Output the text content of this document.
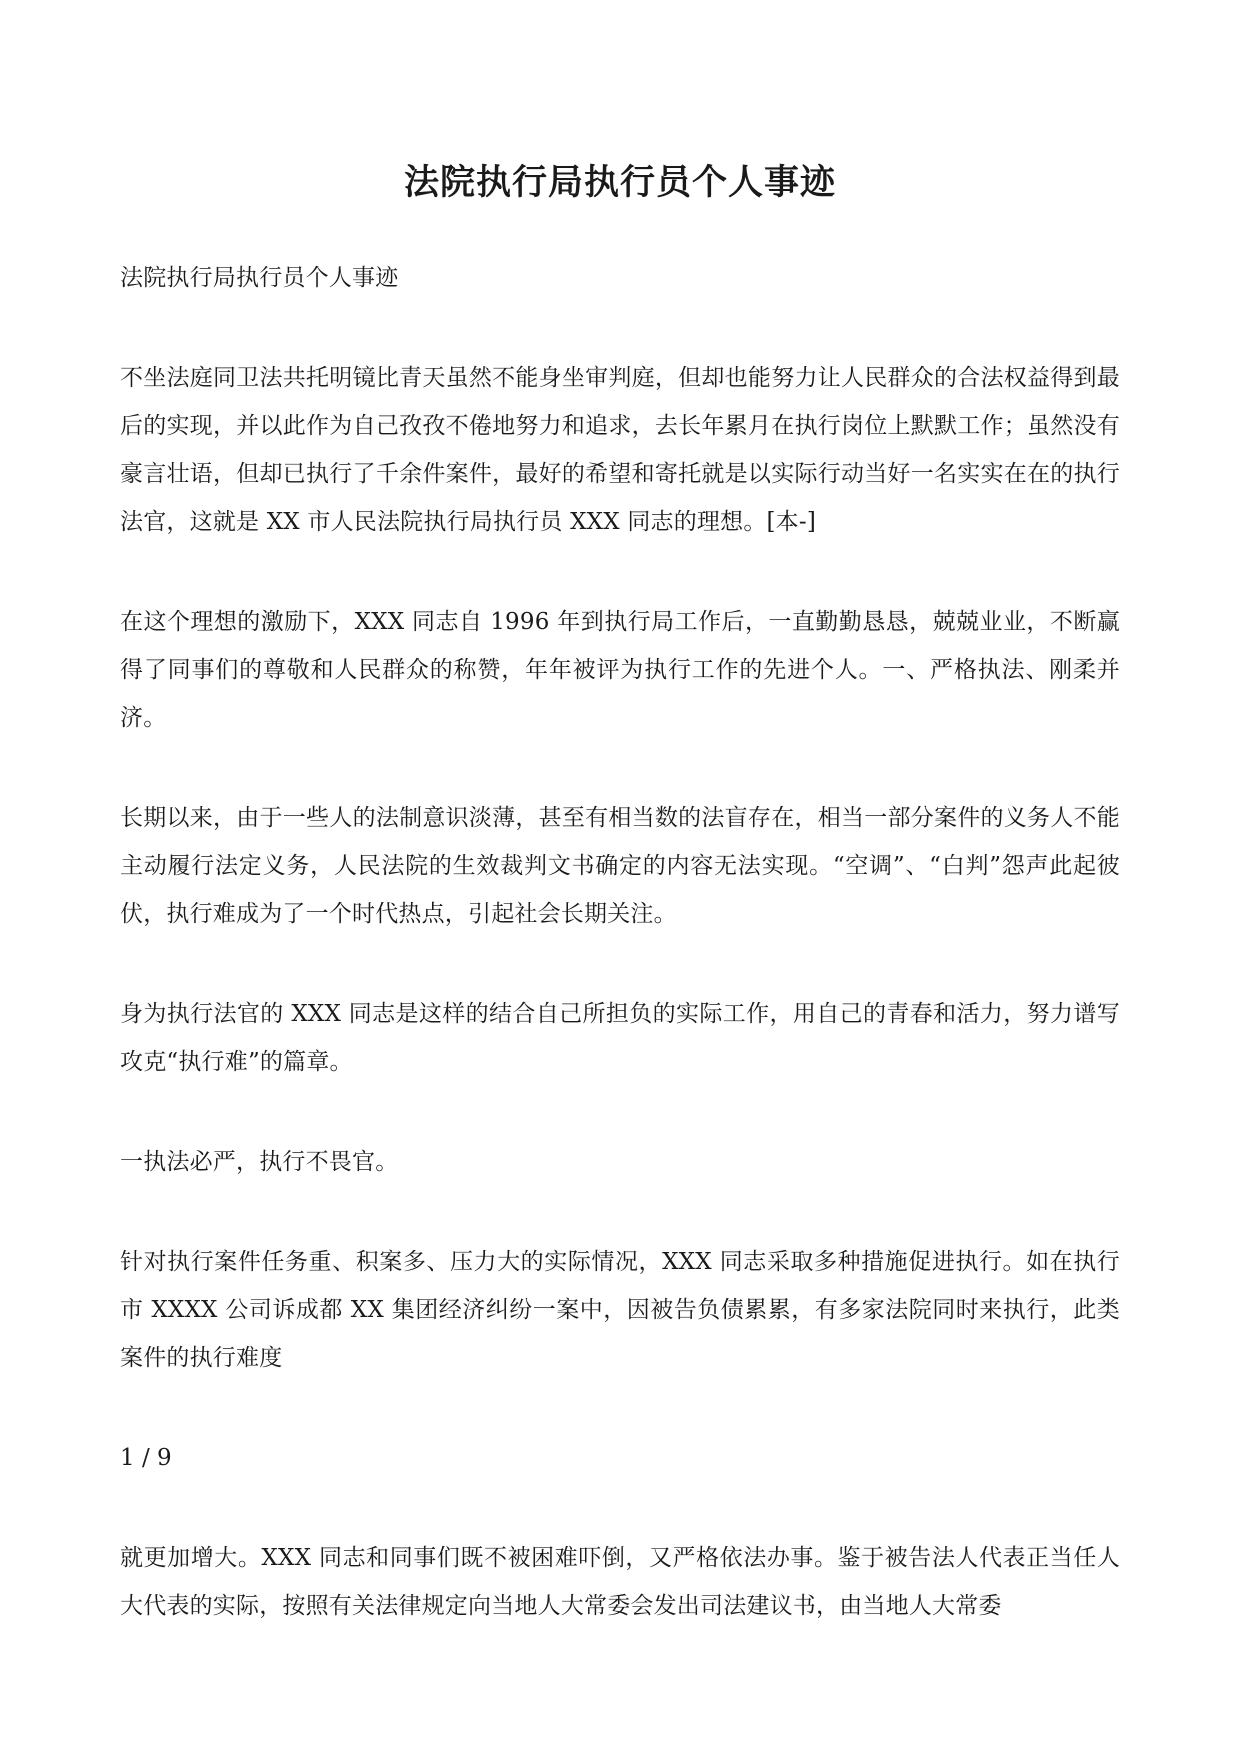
法院执行局执行员个人事迹

法院执行局执行员个人事迹

不坐法庭同卫法共托明镜比青天虽然不能身坐审判庭，但却也能努力让人民群众的合法权益得到最后的实现，并以此作为自己孜孜不倦地努力和追求，去长年累月在执行岗位上默默工作；虽然没有豪言壮语，但却已执行了千余件案件，最好的希望和寄托就是以实际行动当好一名实实在在的执行法官，这就是 XX 市人民法院执行局执行员 XXX 同志的理想。[本-]

在这个理想的激励下，XXX 同志自 1996 年到执行局工作后，一直勤勤恳恳，兢兢业业，不断赢得了同事们的尊敬和人民群众的称赞，年年被评为执行工作的先进个人。一、严格执法、刚柔并济。

长期以来，由于一些人的法制意识淡薄，甚至有相当数的法盲存在，相当一部分案件的义务人不能主动履行法定义务，人民法院的生效裁判文书确定的内容无法实现。“空调”、“白判”怨声此起彼伏，执行难成为了一个时代热点，引起社会长期关注。

身为执行法官的 XXX 同志是这样的结合自己所担负的实际工作，用自己的青春和活力，努力谱写攻克“执行难”的篇章。

一执法必严，执行不畏官。

针对执行案件任务重、积案多、压力大的实际情况，XXX 同志采取多种措施促进执行。如在执行市 XXXX 公司诉成都 XX 集团经济纠纷一案中，因被告负债累累，有多家法院同时来执行，此类案件的执行难度

1 / 9

就更加增大。XXX 同志和同事们既不被困难吓倒，又严格依法办事。鉴于被告法人代表正当任人大代表的实际，按照有关法律规定向当地人大常委会发出司法建议书，由当地人大常委
